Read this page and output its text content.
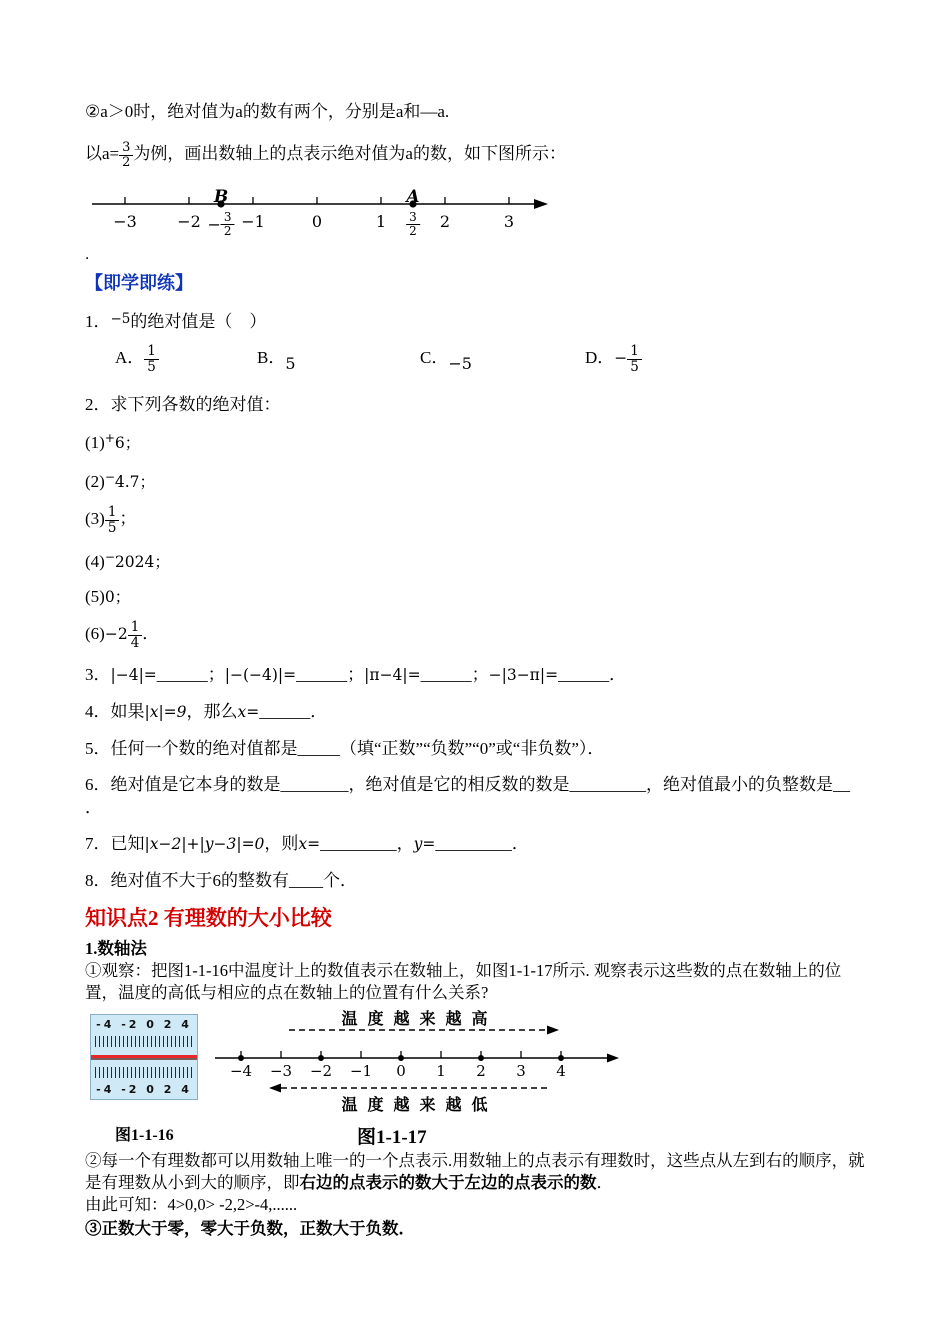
②a＞0时，绝对值为a的数有两个，分别是a和—a.

以$a= \frac{3}{2}$ 为例，画出数轴上的点表示绝对值为a的数，如下图所示：

B	A
−3	$-2 - \frac{3}{2} -1$	0	$1 \frac{3}{2} 2$	3

．

【即学即练】

1．$^{-5}$的绝对值是（　）

A． $\frac{1}{5}$	B．5	C．−5	D．− $\frac{1}{5}$

2．求下列各数的绝对值：

(1)+6；

(2)−4.7；

$(3) \frac{1}{5}$ ；

(4)−2024；

(5)0；

$(6)-2 \frac{1}{4}$ ．

3．|−4|=______；|−(−4)|=______；|π−4|=______；−|3−π|=______．

4．如果|x|=9，那么x=______．

5．任何一个数的绝对值都是_____（填“正数”“负数”“0”或“非负数”）．

6．绝对值是它本身的数是________，绝对值是它的相反数的数是_________，绝对值最小的负整数是__

．

7．已知|x−2|+|y−3|=0，则x=_________，y=_________．

8．绝对值不大于6的整数有____个．

知识点2 有理数的大小比较

1.数轴法

①观察：把图1-1-16中温度计上的数值表示在数轴上，如图1-1-17所示. 观察表示这些数的点在数轴上的位置，温度的高低与相应的点在数轴上的位置有什么关系?

-4 -2 0 2 4
-4 -2 0 2 4
温 度 越 来 越 高
−4 −3 −2 −1 0 1 2 3 4
温 度 越 来 越 低
图1-1-16	图1-1-17

②每一个有理数都可以用数轴上唯一的一个点表示.用数轴上的点表示有理数时，这些点从左到右的顺序，就是有理数从小到大的顺序，即右边的点表示的数大于左边的点表示的数．

由此可知：4>0,0> -2,2>-4,......

③正数大于零，零大于负数，正数大于负数．
